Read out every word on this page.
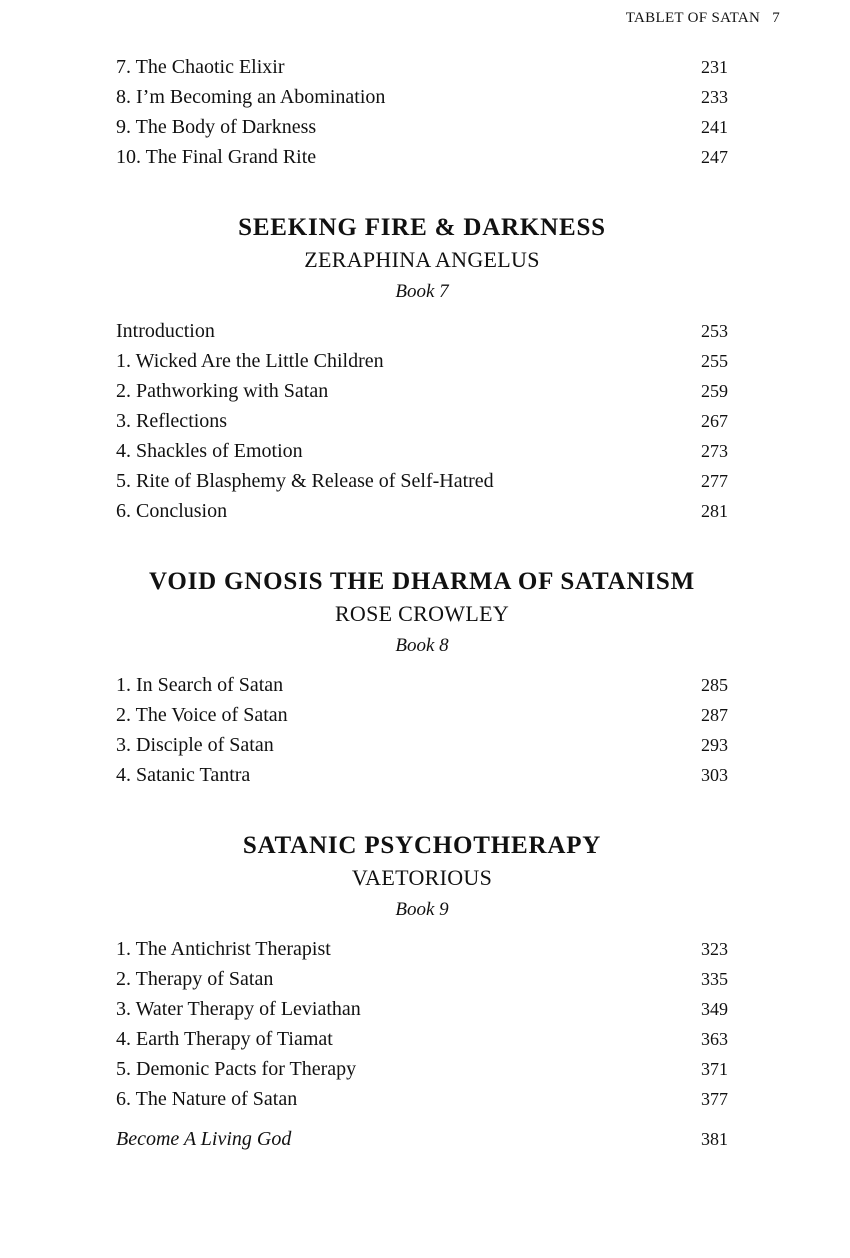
TABLET OF SATAN 7
7. The Chaotic Elixir	231
8. I’m Becoming an Abomination	233
9. The Body of Darkness	241
10. The Final Grand Rite	247
SEEKING FIRE & DARKNESS
ZERAPHINA ANGELUS
Book 7
Introduction	253
1. Wicked Are the Little Children	255
2. Pathworking with Satan	259
3. Reflections	267
4. Shackles of Emotion	273
5. Rite of Blasphemy & Release of Self-Hatred	277
6. Conclusion	281
VOID GNOSIS THE DHARMA OF SATANISM
ROSE CROWLEY
Book 8
1. In Search of Satan	285
2. The Voice of Satan	287
3. Disciple of Satan	293
4. Satanic Tantra	303
SATANIC PSYCHOTHERAPY
VAETORIOUS
Book 9
1. The Antichrist Therapist	323
2. Therapy of Satan	335
3. Water Therapy of Leviathan	349
4. Earth Therapy of Tiamat	363
5. Demonic Pacts for Therapy	371
6. The Nature of Satan	377
Become A Living God	381
